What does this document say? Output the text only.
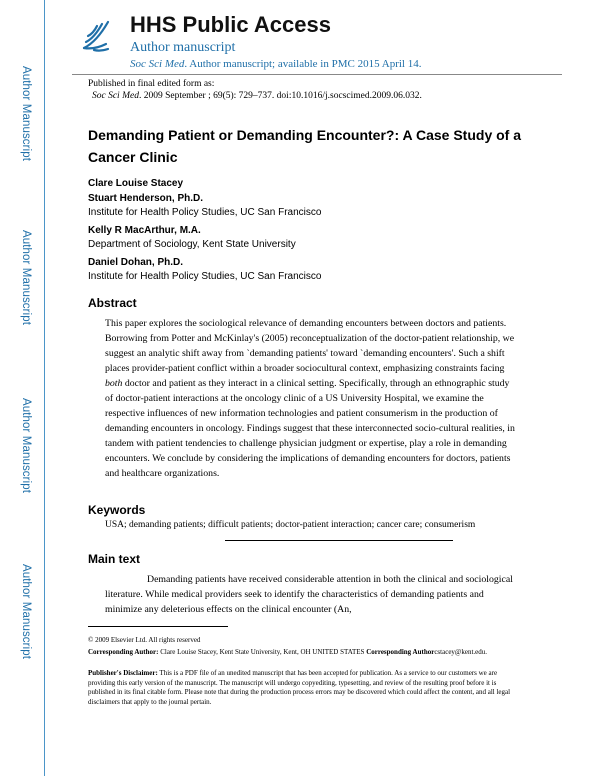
Author Manuscript
Author Manuscript
Author Manuscript
Author Manuscript
HHS Public Access
Author manuscript
Soc Sci Med. Author manuscript; available in PMC 2015 April 14.
Published in final edited form as:
Soc Sci Med. 2009 September ; 69(5): 729–737. doi:10.1016/j.socscimed.2009.06.032.
Demanding Patient or Demanding Encounter?: A Case Study of a Cancer Clinic
Clare Louise Stacey
Stuart Henderson, Ph.D.
Institute for Health Policy Studies, UC San Francisco
Kelly R MacArthur, M.A.
Department of Sociology, Kent State University
Daniel Dohan, Ph.D.
Institute for Health Policy Studies, UC San Francisco
Abstract

This paper explores the sociological relevance of demanding encounters between doctors and patients. Borrowing from Potter and McKinlay's (2005) reconceptualization of the doctor-patient relationship, we suggest an analytic shift away from `demanding patients' toward `demanding encounters'. Such a shift places provider-patient conflict within a broader sociocultural context, emphasizing constraints facing both doctor and patient as they interact in a clinical setting. Specifically, through an ethnographic study of doctor-patient interactions at the oncology clinic of a US University Hospital, we examine the respective influences of new information technologies and patient consumerism in the production of demanding encounters in oncology. Findings suggest that these interconnected socio-cultural realities, in tandem with patient tendencies to challenge physician judgment or expertise, play a role in demanding encounters. We conclude by considering the implications of demanding encounters for doctors, patients and healthcare organizations.

Keywords
USA; demanding patients; difficult patients; doctor-patient interaction; cancer care; consumerism
Main text

Demanding patients have received considerable attention in both the clinical and sociological literature. While medical providers seek to identify the characteristics of demanding patients and minimize any deleterious effects on the clinical encounter (An,

© 2009 Elsevier Ltd. All rights reserved

Corresponding Author: Clare Louise Stacey, Kent State University, Kent, OH UNITED STATES Corresponding Authorcstacey@kent.edu.

Publisher's Disclaimer: This is a PDF file of an unedited manuscript that has been accepted for publication. As a service to our customers we are providing this early version of the manuscript. The manuscript will undergo copyediting, typesetting, and review of the resulting proof before it is published in its final citable form. Please note that during the production process errors may be discovered which could affect the content, and all legal disclaimers that apply to the journal pertain.
